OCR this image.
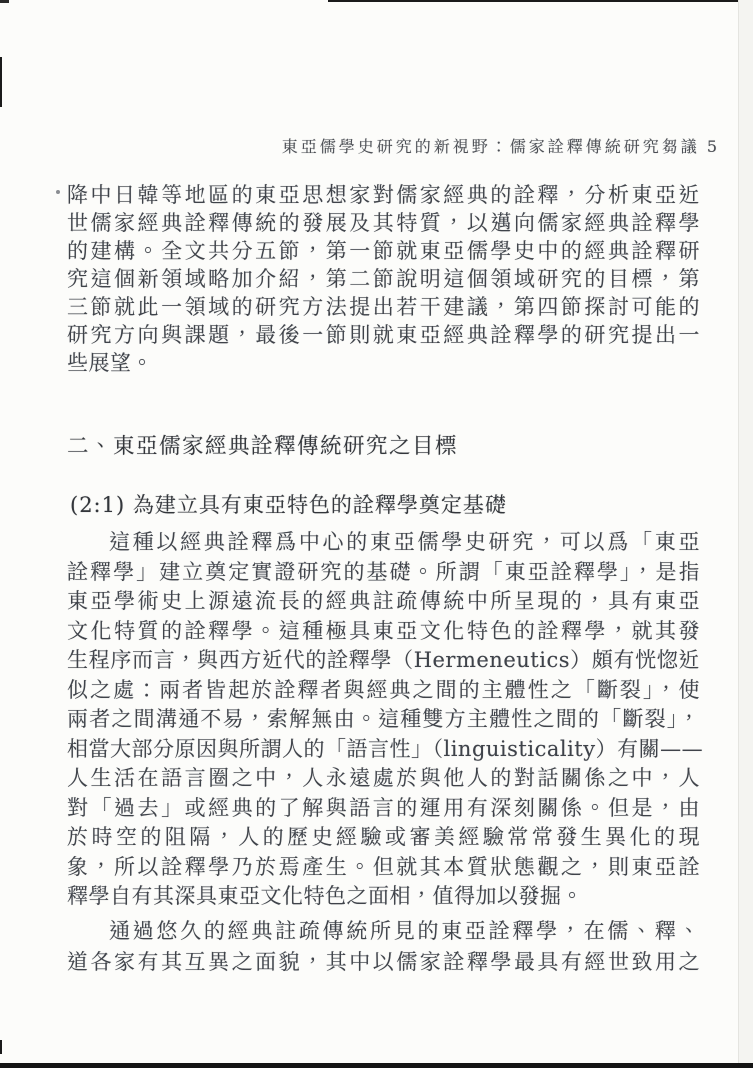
東亞儒學史研究的新視野：儒家詮釋傳統研究芻議 5
降中日韓等地區的東亞思想家對儒家經典的詮釋，分析東亞近
世儒家經典詮釋傳統的發展及其特質，以邁向儒家經典詮釋學
的建構。全文共分五節，第一節就東亞儒學史中的經典詮釋研
究這個新領域略加介紹，第二節說明這個領域研究的目標，第
三節就此一領域的研究方法提出若干建議，第四節探討可能的
研究方向與課題，最後一節則就東亞經典詮釋學的研究提出一
些展望。
二、東亞儒家經典詮釋傳統研究之目標
(2:1) 為建立具有東亞特色的詮釋學奠定基礎
這種以經典詮釋爲中心的東亞儒學史研究，可以爲「東亞
詮釋學」建立奠定實證研究的基礎。所謂「東亞詮釋學」，是指
東亞學術史上源遠流長的經典註疏傳統中所呈現的，具有東亞
文化特質的詮釋學。這種極具東亞文化特色的詮釋學，就其發
生程序而言，與西方近代的詮釋學（Hermeneutics）頗有恍惚近
似之處：兩者皆起於詮釋者與經典之間的主體性之「斷裂」，使
兩者之間溝通不易，索解無由。這種雙方主體性之間的「斷裂」，
相當大部分原因與所謂人的「語言性」（linguisticality）有關——
人生活在語言圈之中，人永遠處於與他人的對話關係之中，人
對「過去」或經典的了解與語言的運用有深刻關係。但是，由
於時空的阻隔，人的歷史經驗或審美經驗常常發生異化的現
象，所以詮釋學乃於焉產生。但就其本質狀態觀之，則東亞詮
釋學自有其深具東亞文化特色之面相，值得加以發掘。
通過悠久的經典註疏傳統所見的東亞詮釋學，在儒、釋、
道各家有其互異之面貌，其中以儒家詮釋學最具有經世致用之
